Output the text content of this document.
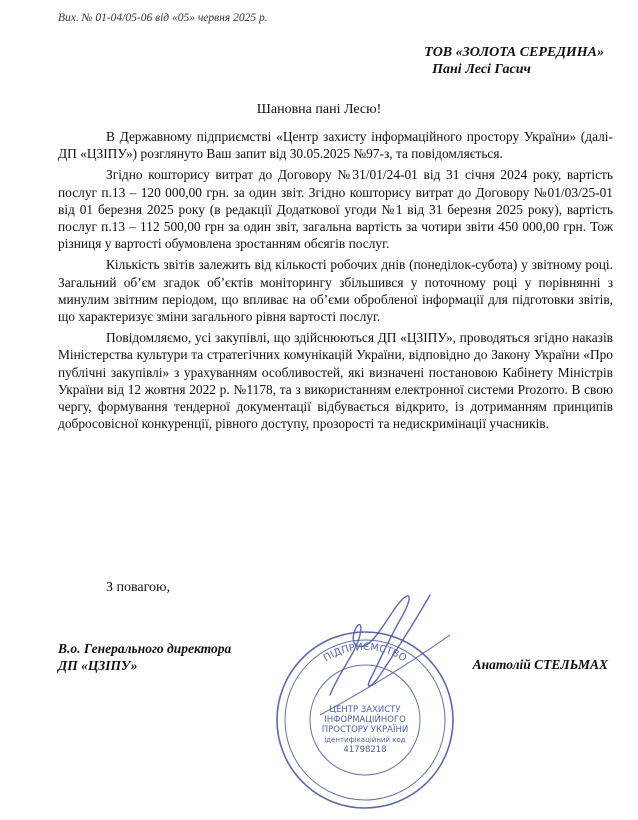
Вих. № 01-04/05-06 від «05» червня 2025 р.
ТОВ «ЗОЛОТА СЕРЕДИНА»
Пані Лесі Гасич
Шановна пані Лесю!

В Державному підприємстві «Центр захисту інформаційного простору України» (далі- ДП «ЦЗІПУ») розглянуто Ваш запит від 30.05.2025 №97-з, та повідомляється.

Згідно кошторису витрат до Договору №31/01/24-01 від 31 січня 2024 року, вартість послуг п.13 – 120 000,00 грн. за один звіт. Згідно кошторису витрат до Договору №01/03/25-01 від 01 березня 2025 року (в редакції Додаткової угоди №1 від 31 березня 2025 року), вартість послуг п.13 – 112 500,00 грн за один звіт, загальна вартість за чотири звіти 450 000,00 грн. Тож різниця у вартості обумовлена зростанням обсягів послуг.

Кількість звітів залежить від кількості робочих днів (понеділок-субота) у звітному році. Загальний об’єм згадок об’єктів моніторингу збільшився у поточному році у порівнянні з минулим звітним періодом, що впливає на об’єми обробленої інформації для підготовки звітів, що характеризує зміни загального рівня вартості послуг.

Повідомляємо, усі закупівлі, що здійснюються ДП «ЦЗІПУ», проводяться згідно наказів Міністерства культури та стратегічних комунікацій України, відповідно до Закону України «Про публічні закупівлі» з урахуванням особливостей, які визначені постановою Кабінету Міністрів України від 12 жовтня 2022 р. №1178, та з використанням електронної системи Prozorro. В свою чергу, формування тендерної документації відбувається відкрито, із дотриманням принципів добросовісної конкуренції, рівного доступу, прозорості та недискримінації учасників.

З повагою,
В.о. Генерального директора
ДП «ЦЗІПУ»	Анатолій СТЕЛЬМАХ
ПІДПРИЄМСТВО
ЦЕНТР ЗАХИСТУ
ІНФОРМАЦІЙНОГО
ПРОСТОРУ УКРАЇНИ
ідентифікаційний код
41798218
